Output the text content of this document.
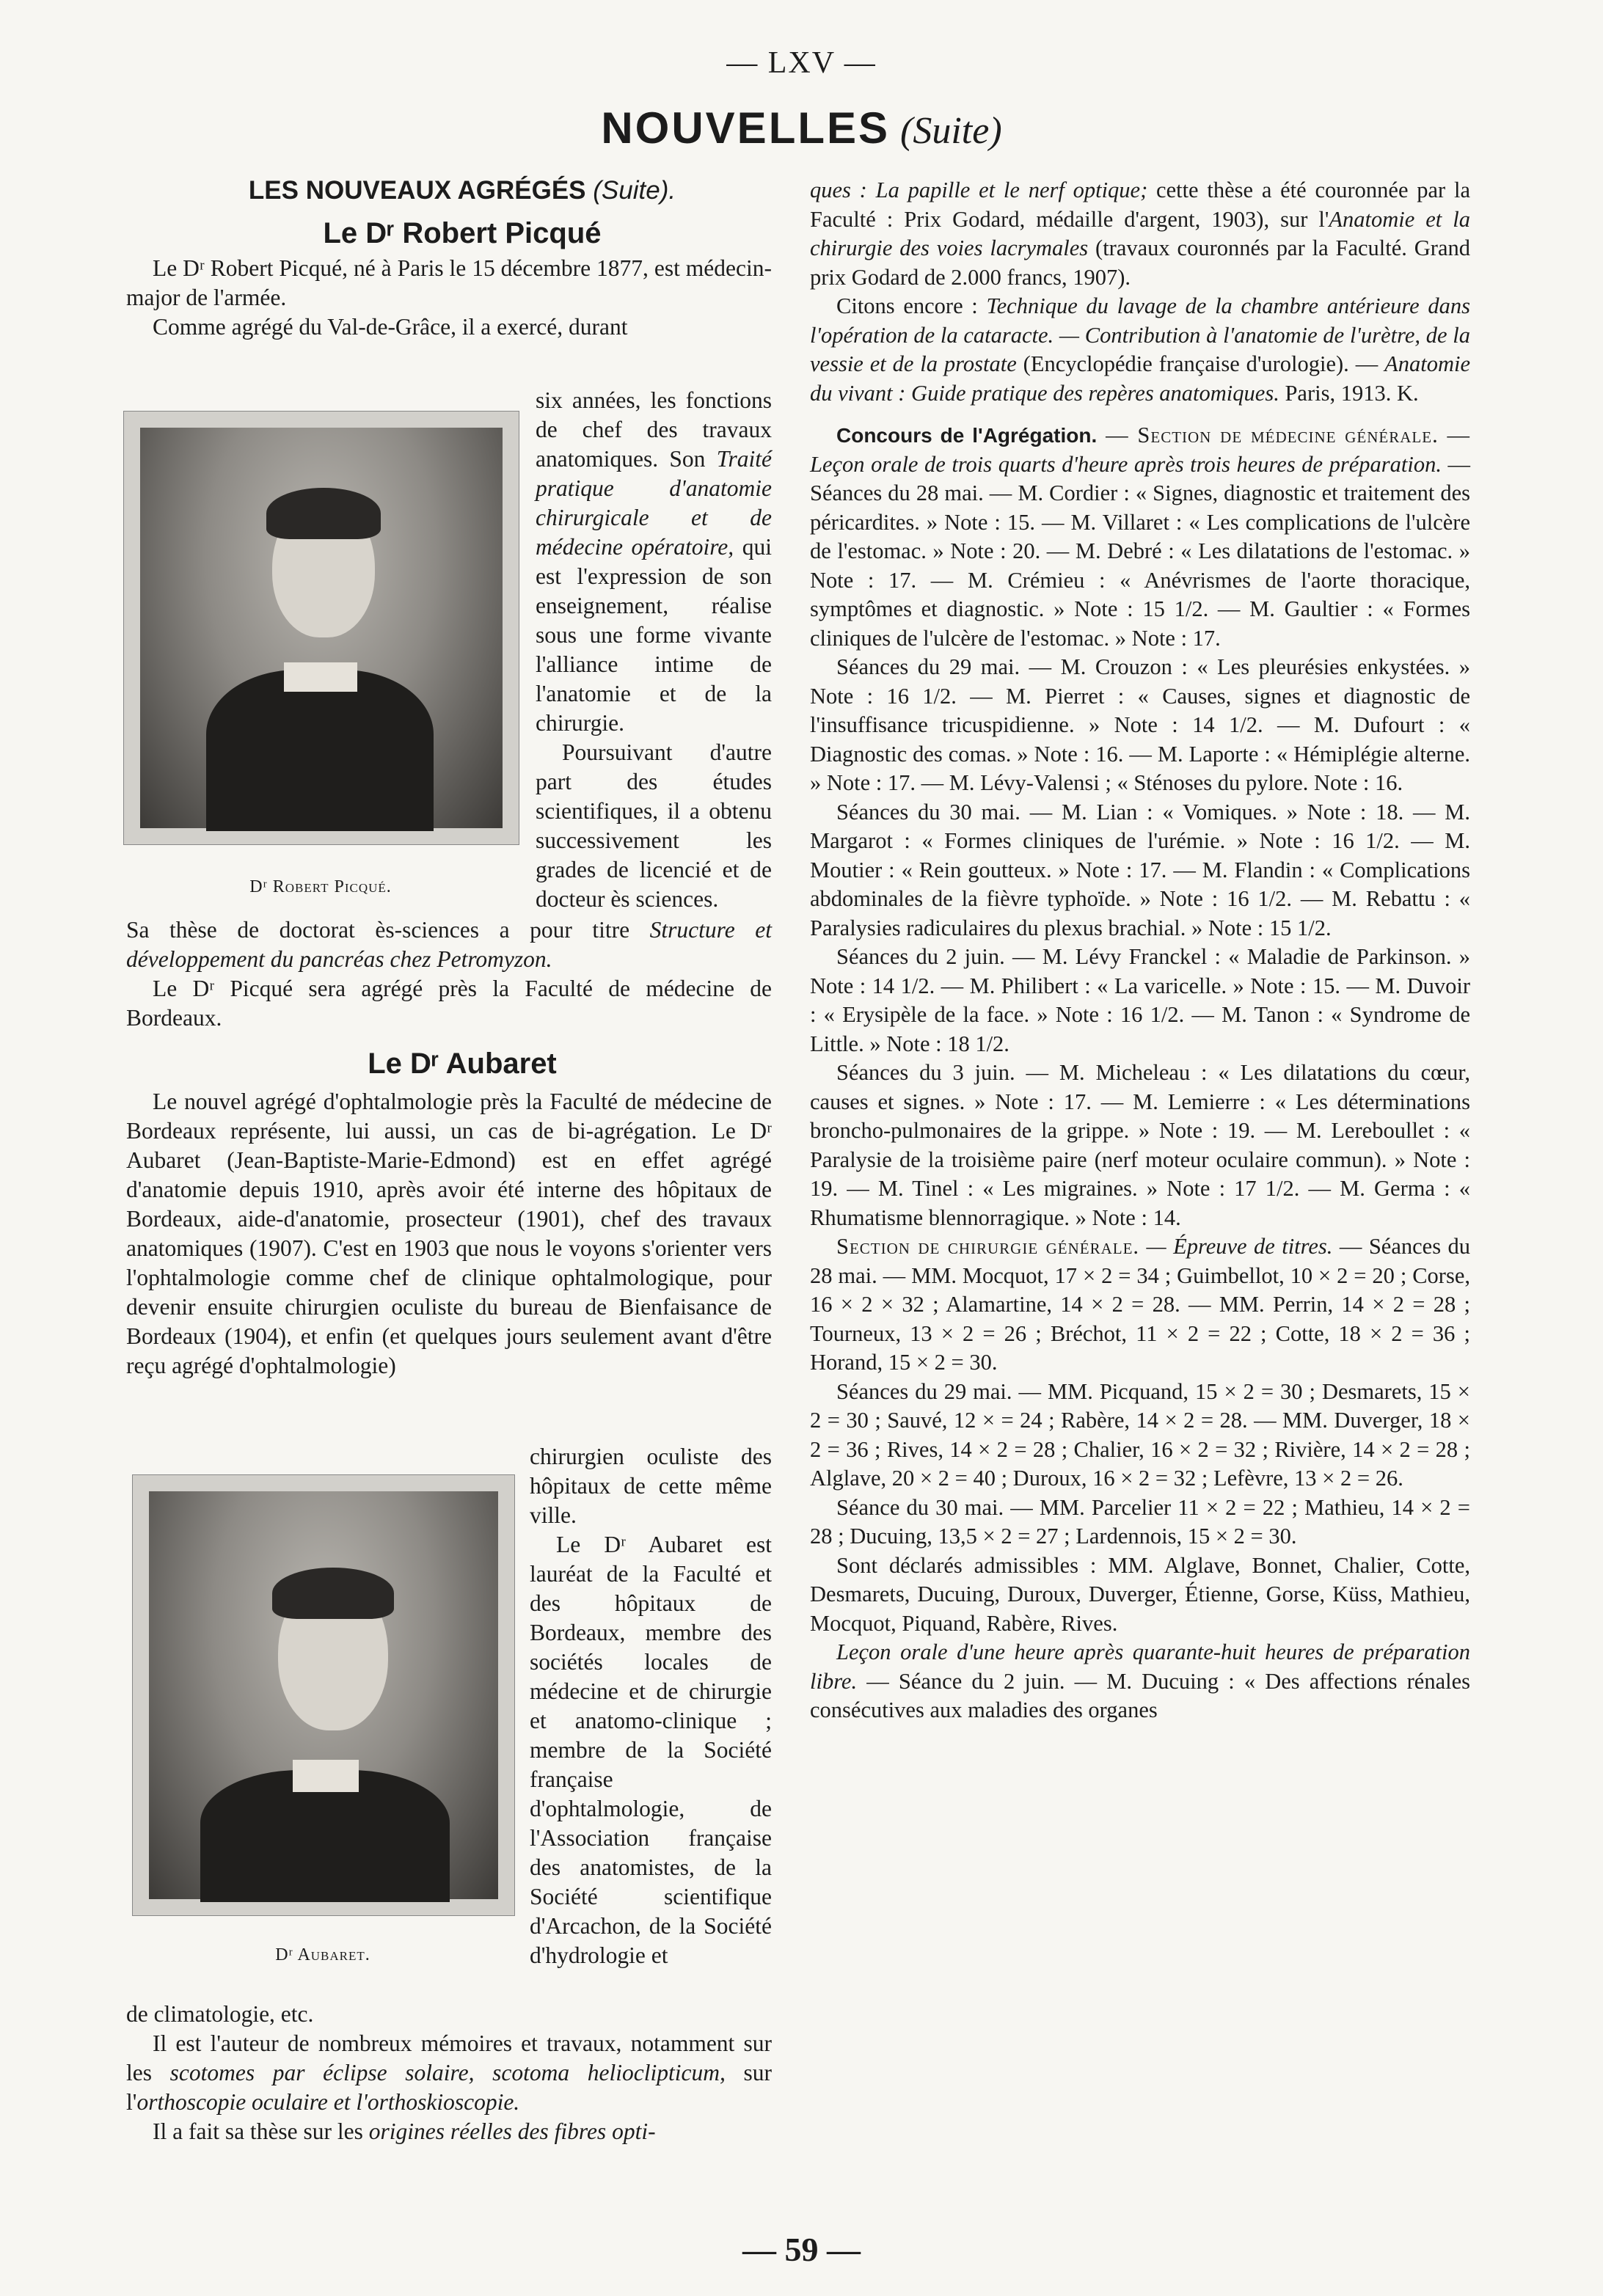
— LXV —
NOUVELLES (Suite)

LES NOUVEAUX AGRÉGÉS (Suite).

Le Dʳ Robert Picqué

Le Dʳ Robert Picqué, né à Paris le 15 décembre 1877, est médecin-major de l'armée.

Comme agrégé du Val-de-Grâce, il a exercé, durant

Dʳ Robert Picqué.

six années, les fonctions de chef des travaux anatomiques. Son Traité pratique d'anatomie chirurgicale et de médecine opératoire, qui est l'expression de son enseignement, réalise sous une forme vivante l'alliance intime de l'anatomie et de la chirurgie.

Poursuivant d'autre part des études scientifiques, il a obtenu successivement les grades de licencié et de docteur ès sciences.

Sa thèse de doctorat ès-sciences a pour titre Structure et développement du pancréas chez Petromyzon.

Le Dʳ Picqué sera agrégé près la Faculté de médecine de Bordeaux.

Le Dʳ Aubaret

Le nouvel agrégé d'ophtalmologie près la Faculté de médecine de Bordeaux représente, lui aussi, un cas de bi-agrégation. Le Dʳ Aubaret (Jean-Baptiste-Marie-Edmond) est en effet agrégé d'anatomie depuis 1910, après avoir été interne des hôpitaux de Bordeaux, aide-d'anatomie, prosecteur (1901), chef des travaux anatomiques (1907). C'est en 1903 que nous le voyons s'orienter vers l'ophtalmologie comme chef de clinique ophtalmologique, pour devenir ensuite chirurgien oculiste du bureau de Bienfaisance de Bordeaux (1904), et enfin (et quelques jours seulement avant d'être reçu agrégé d'ophtalmologie)

Dʳ Aubaret.

chirurgien oculiste des hôpitaux de cette même ville.

Le Dʳ Aubaret est lauréat de la Faculté et des hôpitaux de Bordeaux, membre des sociétés locales de médecine et de chirurgie et anatomo-clinique ; membre de la Société française d'ophtalmologie, de l'Association française des anatomistes, de la Société scientifique d'Arcachon, de la Société d'hydrologie et

de climatologie, etc.

Il est l'auteur de nombreux mémoires et travaux, notamment sur les scotomes par éclipse solaire, scotoma helioclipticum, sur l'orthoscopie oculaire et l'orthoskioscopie.

Il a fait sa thèse sur les origines réelles des fibres opti-

ques : La papille et le nerf optique; cette thèse a été couronnée par la Faculté : Prix Godard, médaille d'argent, 1903), sur l'Anatomie et la chirurgie des voies lacrymales (travaux couronnés par la Faculté. Grand prix Godard de 2.000 francs, 1907).

Citons encore : Technique du lavage de la chambre antérieure dans l'opération de la cataracte. — Contribution à l'anatomie de l'urètre, de la vessie et de la prostate (Encyclopédie française d'urologie). — Anatomie du vivant : Guide pratique des repères anatomiques. Paris, 1913. K.

Concours de l'Agrégation. — Section de médecine générale. — Leçon orale de trois quarts d'heure après trois heures de préparation. — Séances du 28 mai. — M. Cordier : « Signes, diagnostic et traitement des péricardites. » Note : 15. — M. Villaret : « Les complications de l'ulcère de l'estomac. » Note : 20. — M. Debré : « Les dilatations de l'estomac. » Note : 17. — M. Crémieu : « Anévrismes de l'aorte thoracique, symptômes et diagnostic. » Note : 15 1/2. — M. Gaultier : « Formes cliniques de l'ulcère de l'estomac. » Note : 17.

Séances du 29 mai. — M. Crouzon : « Les pleurésies enkystées. » Note : 16 1/2. — M. Pierret : « Causes, signes et diagnostic de l'insuffisance tricuspidienne. » Note : 14 1/2. — M. Dufourt : « Diagnostic des comas. » Note : 16. — M. Laporte : « Hémiplégie alterne. » Note : 17. — M. Lévy-Valensi ; « Sténoses du pylore. Note : 16.

Séances du 30 mai. — M. Lian : « Vomiques. » Note : 18. — M. Margarot : « Formes cliniques de l'urémie. » Note : 16 1/2. — M. Moutier : « Rein goutteux. » Note : 17. — M. Flandin : « Complications abdominales de la fièvre typhoïde. » Note : 16 1/2. — M. Rebattu : « Paralysies radiculaires du plexus brachial. » Note : 15 1/2.

Séances du 2 juin. — M. Lévy Franckel : « Maladie de Parkinson. » Note : 14 1/2. — M. Philibert : « La varicelle. » Note : 15. — M. Duvoir : « Erysipèle de la face. » Note : 16 1/2. — M. Tanon : « Syndrome de Little. » Note : 18 1/2.

Séances du 3 juin. — M. Micheleau : « Les dilatations du cœur, causes et signes. » Note : 17. — M. Lemierre : « Les déterminations broncho-pulmonaires de la grippe. » Note : 19. — M. Lereboullet : « Paralysie de la troisième paire (nerf moteur oculaire commun). » Note : 19. — M. Tinel : « Les migraines. » Note : 17 1/2. — M. Germa : « Rhumatisme blennorragique. » Note : 14.

Section de chirurgie générale. — Épreuve de titres. — Séances du 28 mai. — MM. Mocquot, 17 × 2 = 34 ; Guimbellot, 10 × 2 = 20 ; Corse, 16 × 2 × 32 ; Alamartine, 14 × 2 = 28. — MM. Perrin, 14 × 2 = 28 ; Tourneux, 13 × 2 = 26 ; Bréchot, 11 × 2 = 22 ; Cotte, 18 × 2 = 36 ; Horand, 15 × 2 = 30.

Séances du 29 mai. — MM. Picquand, 15 × 2 = 30 ; Desmarets, 15 × 2 = 30 ; Sauvé, 12 × = 24 ; Rabère, 14 × 2 = 28. — MM. Duverger, 18 × 2 = 36 ; Rives, 14 × 2 = 28 ; Chalier, 16 × 2 = 32 ; Rivière, 14 × 2 = 28 ; Alglave, 20 × 2 = 40 ; Duroux, 16 × 2 = 32 ; Lefèvre, 13 × 2 = 26.

Séance du 30 mai. — MM. Parcelier 11 × 2 = 22 ; Mathieu, 14 × 2 = 28 ; Ducuing, 13,5 × 2 = 27 ; Lardennois, 15 × 2 = 30.

Sont déclarés admissibles : MM. Alglave, Bonnet, Chalier, Cotte, Desmarets, Ducuing, Duroux, Duverger, Étienne, Gorse, Küss, Mathieu, Mocquot, Piquand, Rabère, Rives.

Leçon orale d'une heure après quarante-huit heures de préparation libre. — Séance du 2 juin. — M. Ducuing : « Des affections rénales consécutives aux maladies des organes

— 59 —
